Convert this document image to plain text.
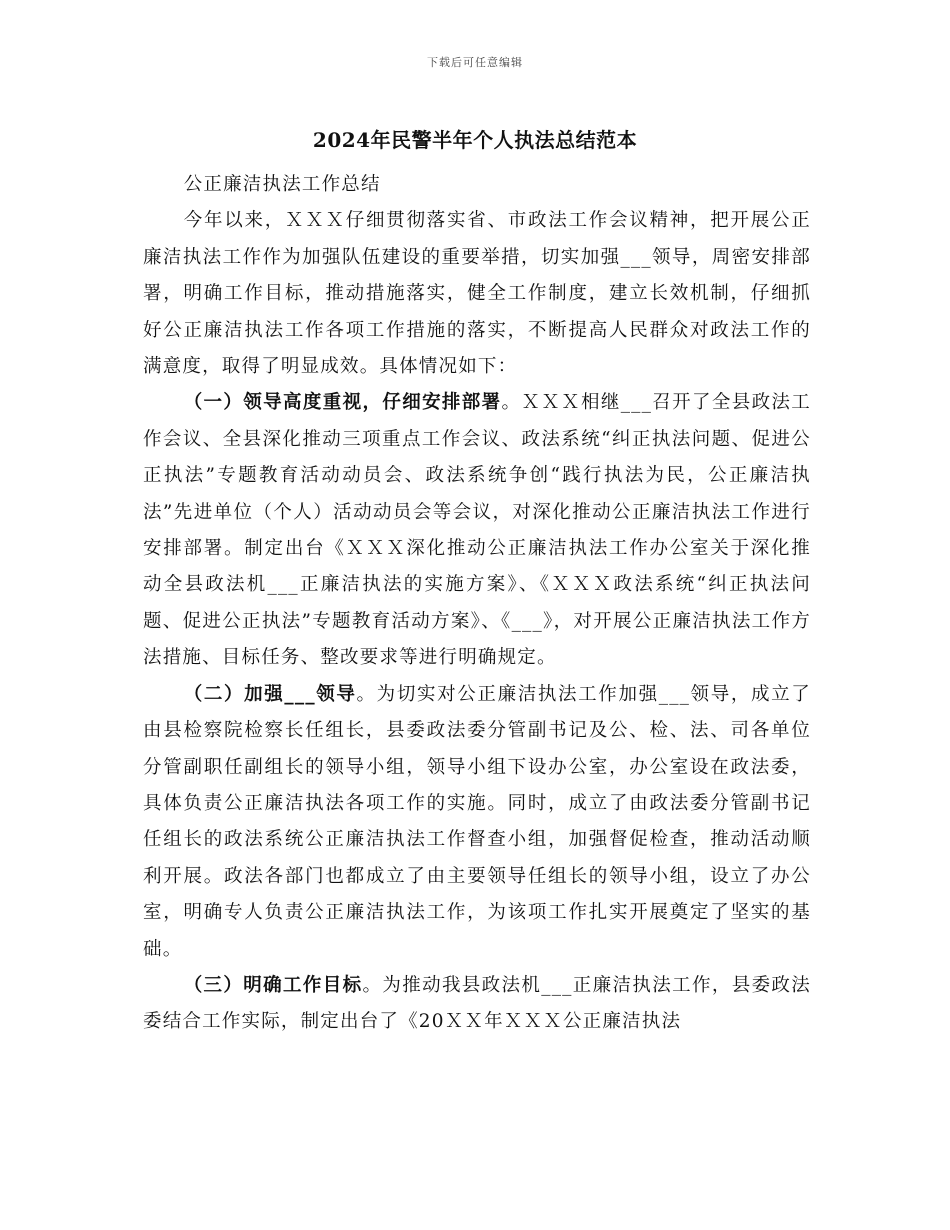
下载后可任意编辑
2024年民警半年个人执法总结范本

公正廉洁执法工作总结

今年以来，ＸＸＸ仔细贯彻落实省、市政法工作会议精神，把开展公正廉洁执法工作作为加强队伍建设的重要举措，切实加强___领导，周密安排部署，明确工作目标，推动措施落实，健全工作制度，建立长效机制，仔细抓好公正廉洁执法工作各项工作措施的落实，不断提高人民群众对政法工作的满意度，取得了明显成效。具体情况如下：

（一）领导高度重视，仔细安排部署。ＸＸＸ相继___召开了全县政法工作会议、全县深化推动三项重点工作会议、政法系统“纠正执法问题、促进公正执法”专题教育活动动员会、政法系统争创“践行执法为民，公正廉洁执法”先进单位（个人）活动动员会等会议，对深化推动公正廉洁执法工作进行安排部署。制定出台《ＸＸＸ深化推动公正廉洁执法工作办公室关于深化推动全县政法机___正廉洁执法的实施方案》、《ＸＸＸ政法系统“纠正执法问题、促进公正执法”专题教育活动方案》、《___》，对开展公正廉洁执法工作方法措施、目标任务、整改要求等进行明确规定。

（二）加强___领导。为切实对公正廉洁执法工作加强___领导，成立了由县检察院检察长任组长，县委政法委分管副书记及公、检、法、司各单位分管副职任副组长的领导小组，领导小组下设办公室，办公室设在政法委，具体负责公正廉洁执法各项工作的实施。同时，成立了由政法委分管副书记任组长的政法系统公正廉洁执法工作督查小组，加强督促检查，推动活动顺利开展。政法各部门也都成立了由主要领导任组长的领导小组，设立了办公室，明确专人负责公正廉洁执法工作，为该项工作扎实开展奠定了坚实的基础。

（三）明确工作目标。为推动我县政法机___正廉洁执法工作，县委政法委结合工作实际，制定出台了《20ＸＸ年ＸＸＸ公正廉洁执法
